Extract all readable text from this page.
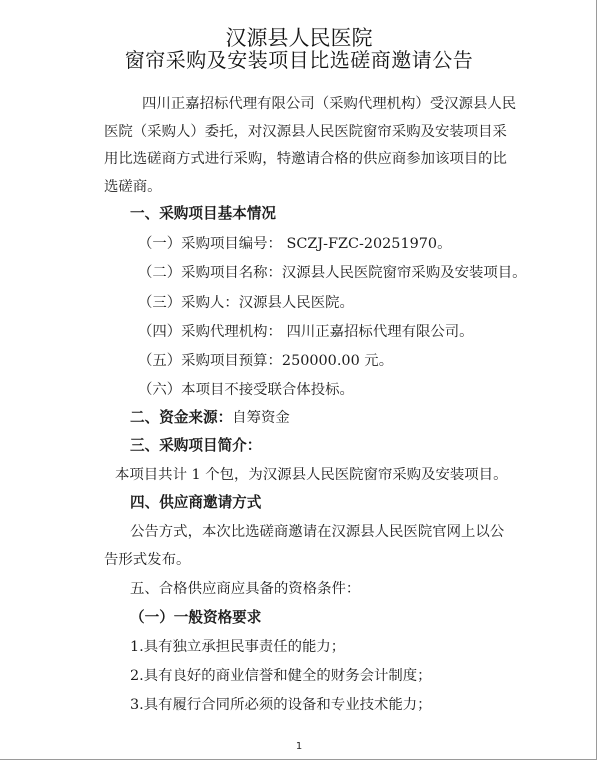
汉源县人民医院
窗帘采购及安装项目比选磋商邀请公告
四川正嘉招标代理有限公司（采购代理机构）受汉源县人民
医院（采购人）委托，对汉源县人民医院窗帘采购及安装项目采
用比选磋商方式进行采购，特邀请合格的供应商参加该项目的比
选磋商。
一、采购项目基本情况
（一）采购项目编号： SCZJ-FZC-20251970。
（二）采购项目名称：汉源县人民医院窗帘采购及安装项目。
（三）采购人：汉源县人民医院。
（四）采购代理机构： 四川正嘉招标代理有限公司。
（五）采购项目预算：250000.00 元。
（六）本项目不接受联合体投标。
二、资金来源：自筹资金
三、采购项目简介：
本项目共计 1 个包，为汉源县人民医院窗帘采购及安装项目。
四、供应商邀请方式
公告方式，本次比选磋商邀请在汉源县人民医院官网上以公
告形式发布。
五、合格供应商应具备的资格条件：
（一）一般资格要求
1.具有独立承担民事责任的能力；
2.具有良好的商业信誉和健全的财务会计制度；
3.具有履行合同所必须的设备和专业技术能力；
1
